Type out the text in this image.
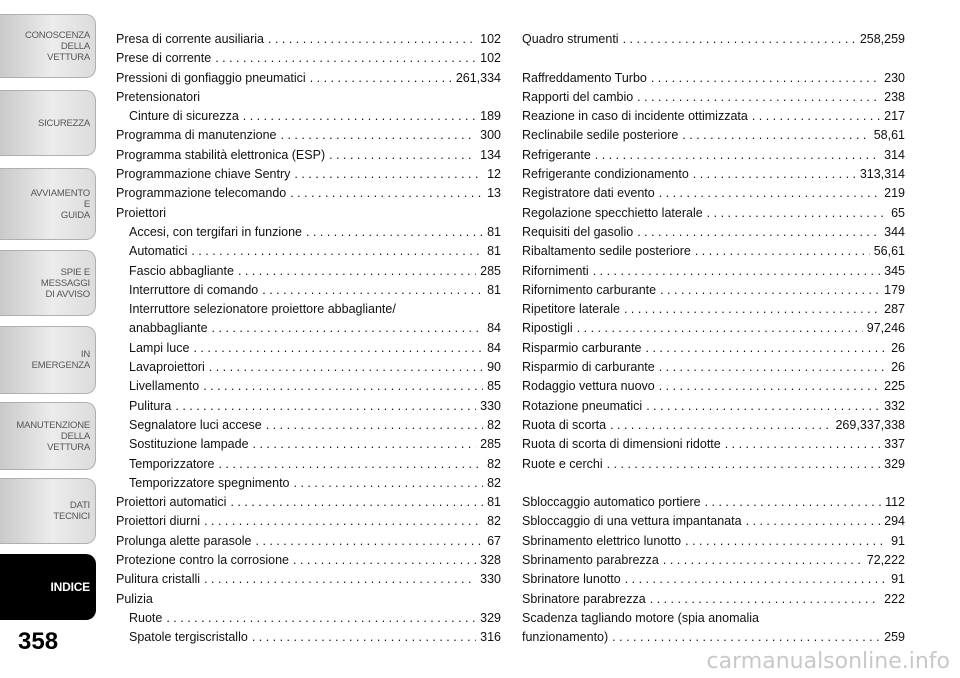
CONOSCENZA
DELLA
VETTURA
SICUREZZA
AVVIAMENTO
E
GUIDA
SPIE E
MESSAGGI
DI AVVISO
IN
EMERGENZA
MANUTENZIONE
DELLA
VETTURA
DATI
TECNICI
INDICE
358
Presa di corrente ausiliaria . . .	102
Prese di corrente . . .	102
Pressioni di gonfiaggio pneumatici . . .	261,334
Pretensionatori
Cinture di sicurezza . . .	189
Programma di manutenzione . . .	300
Programma stabilità elettronica (ESP) . . .	134
Programmazione chiave Sentry . . .	12
Programmazione telecomando . . .	13
Proiettori
Accesi, con tergifari in funzione . . .	81
Automatici . . .	81
Fascio abbagliante . . .	285
Interruttore di comando . . .	81
Interruttore selezionatore proiettore abbagliante/
anabbagliante . . .	84
Lampi luce . . .	84
Lavaproiettori . . .	90
Livellamento . . .	85
Pulitura . . .	330
Segnalatore luci accese . . .	82
Sostituzione lampade . . .	285
Temporizzatore . . .	82
Temporizzatore spegnimento . . .	82
Proiettori automatici . . .	81
Proiettori diurni . . .	82
Prolunga alette parasole . . .	67
Protezione contro la corrosione . . .	328
Pulitura cristalli . . .	330
Pulizia
Ruote . . .	329
Spatole tergiscristallo . . .	316
Quadro strumenti . . .	258,259
Raffreddamento Turbo . . .	230
Rapporti del cambio . . .	238
Reazione in caso di incidente ottimizzata . . .	217
Reclinabile sedile posteriore . . .	58,61
Refrigerante . . .	314
Refrigerante condizionamento . . .	313,314
Registratore dati evento . . .	219
Regolazione specchietto laterale . . .	65
Requisiti del gasolio . . .	344
Ribaltamento sedile posteriore . . .	56,61
Rifornimenti . . .	345
Rifornimento carburante . . .	179
Ripetitore laterale . . .	287
Ripostigli . . .	97,246
Risparmio carburante . . .	26
Risparmio di carburante . . .	26
Rodaggio vettura nuovo . . .	225
Rotazione pneumatici . . .	332
Ruota di scorta . . .	269,337,338
Ruota di scorta di dimensioni ridotte . . .	337
Ruote e cerchi . . .	329
Sbloccaggio automatico portiere . . .	112
Sbloccaggio di una vettura impantanata . . .	294
Sbrinamento elettrico lunotto . . .	91
Sbrinamento parabrezza . . .	72,222
Sbrinatore lunotto . . .	91
Sbrinatore parabrezza . . .	222
Scadenza tagliando motore (spia anomalia
funzionamento) . . .	259
carmanualsonline.info
